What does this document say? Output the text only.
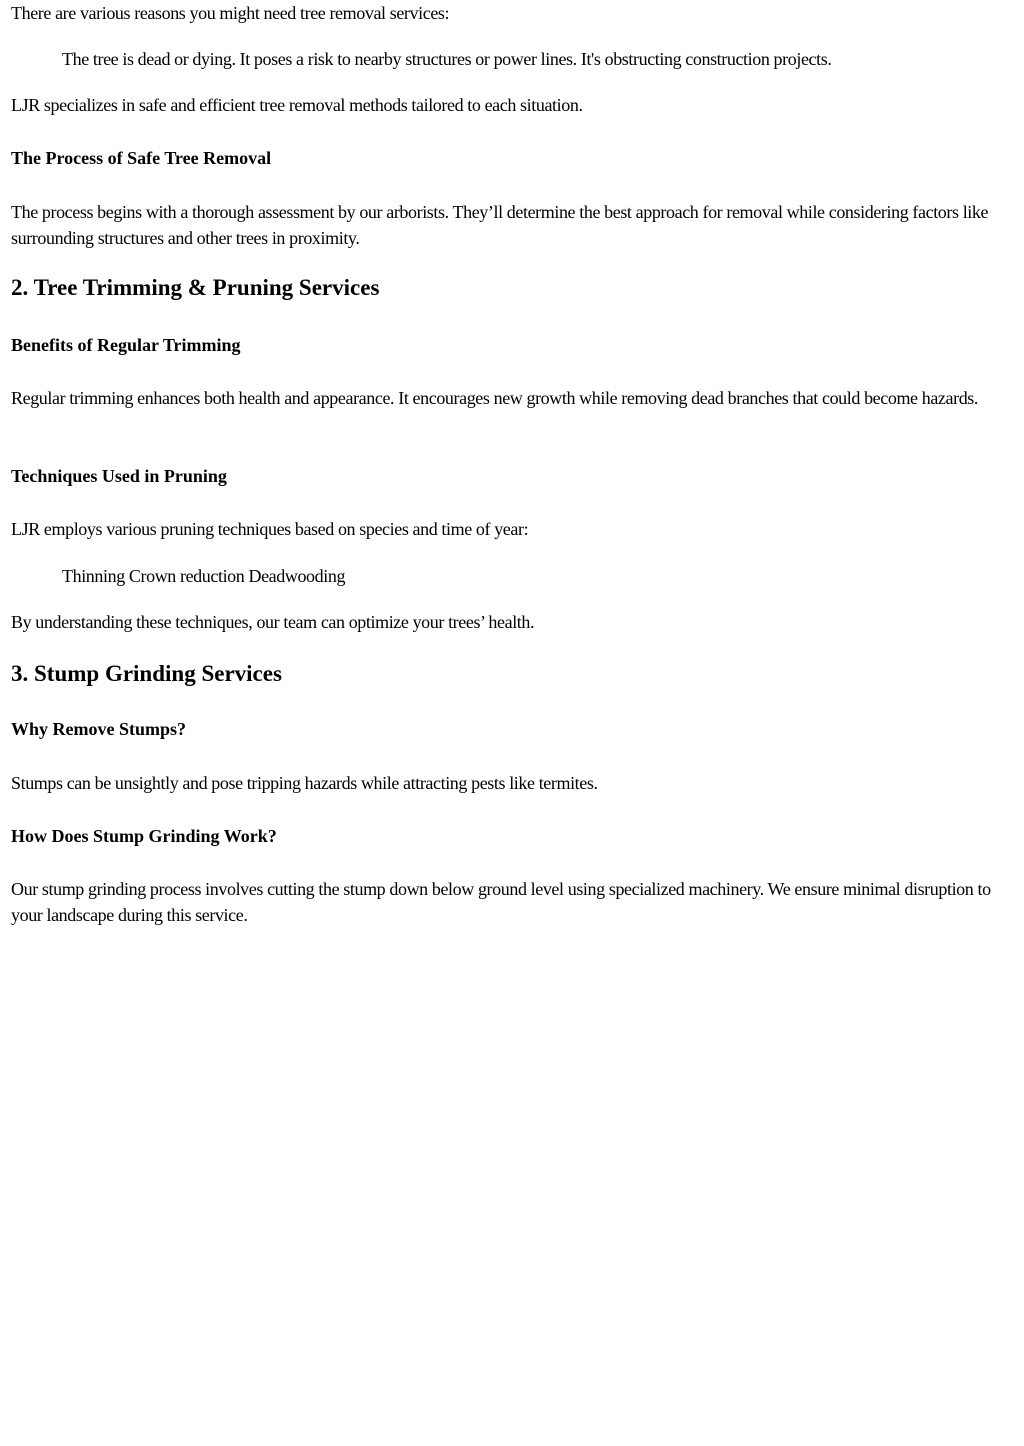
There are various reasons you might need tree removal services:

The tree is dead or dying. It poses a risk to nearby structures or power lines. It's obstructing construction projects.

LJR specializes in safe and efficient tree removal methods tailored to each situation.

The Process of Safe Tree Removal

The process begins with a thorough assessment by our arborists. They’ll determine the best approach for removal while considering factors like surrounding structures and other trees in proximity.

2. Tree Trimming & Pruning Services

Benefits of Regular Trimming

Regular trimming enhances both health and appearance. It encourages new growth while removing dead branches that could become hazards.

Techniques Used in Pruning

LJR employs various pruning techniques based on species and time of year:

Thinning Crown reduction Deadwooding

By understanding these techniques, our team can optimize your trees’ health.

3. Stump Grinding Services

Why Remove Stumps?

Stumps can be unsightly and pose tripping hazards while attracting pests like termites.

How Does Stump Grinding Work?

Our stump grinding process involves cutting the stump down below ground level using specialized machinery. We ensure minimal disruption to your landscape during this service.
